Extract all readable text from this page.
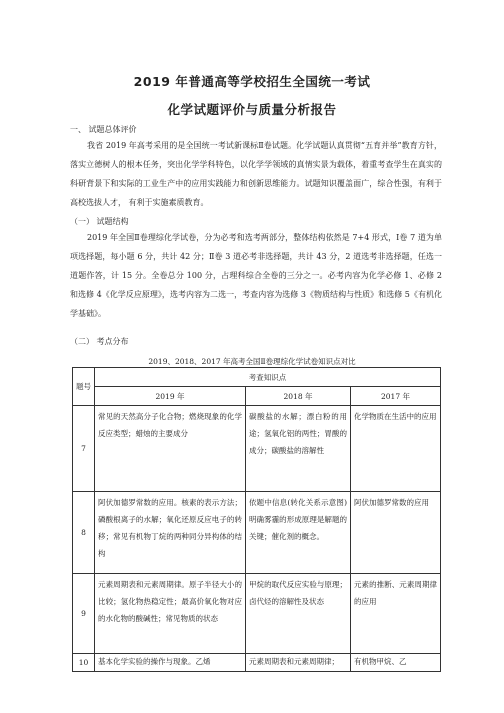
2019 年普通高等学校招生全国统一考试
化学试题评价与质量分析报告
一、 试题总体评价
我省 2019 年高考采用的是全国统一考试新课标Ⅱ卷试题。化学试题认真贯彻“五育并举”教育方针，落实立德树人的根本任务，突出化学学科特色，以化学学领域的真情实景为载体，着重考查学生在真实的科研背景下和实际的工业生产中的应用实践能力和创新思维能力。试题知识覆盖面广，综合性强，有利于高校选拔人才， 有利于实施素质教育。
（一） 试题结构
2019 年全国Ⅱ卷理综化学试卷，分为必考和选考两部分，整体结构依然是 7+4 形式，Ⅰ卷 7 道为单项选择题，每小题 6 分，共计 42 分；Ⅱ卷 3 道必考非选择题，共计 43 分，2 道选考非选择题，任选一道题作答，计 15 分。全卷总分 100 分，占理科综合全卷的三分之一。必考内容为化学必修 1、必修 2 和选修 4《化学反应原理》，选考内容为二选一，考查内容为选修 3《物质结构与性质》和选修 5《有机化学基础》。
（二） 考点分布
2019、2018、2017 年高考全国Ⅱ卷理综化学试卷知识点对比
题号	考查知识点		
	2019 年	2018 年	2017 年
7	常见的天然高分子化合物；燃烧现象的化学反应类型；蜡烛的主要成分	碳酸盐的水解；漂白粉的用途；氢氧化铝的两性；胃酸的成分；碳酸盐的溶解性	化学物质在生活中的应用
8	阿伏加德罗常数的应用。核素的表示方法；磷酸根离子的水解；氧化还原反应电子的转移；常见有机物丁烷的两种同分异构体的结构	依题中信息(转化关系示意图)明确雾霾的形成原理是解题的关键；催化剂的概念。	阿伏加德罗常数的应用
9	元素周期表和元素周期律。原子半径大小的比较；氢化物热稳定性；最高价氧化物对应的水化物的酸碱性；常见物质的状态	甲烷的取代反应实验与原理；卤代烃的溶解性及状态	元素的推断、元素周期律的应用
10	基本化学实验的操作与现象。乙烯	元素周期表和元素周期律；	有机物甲烷、乙
